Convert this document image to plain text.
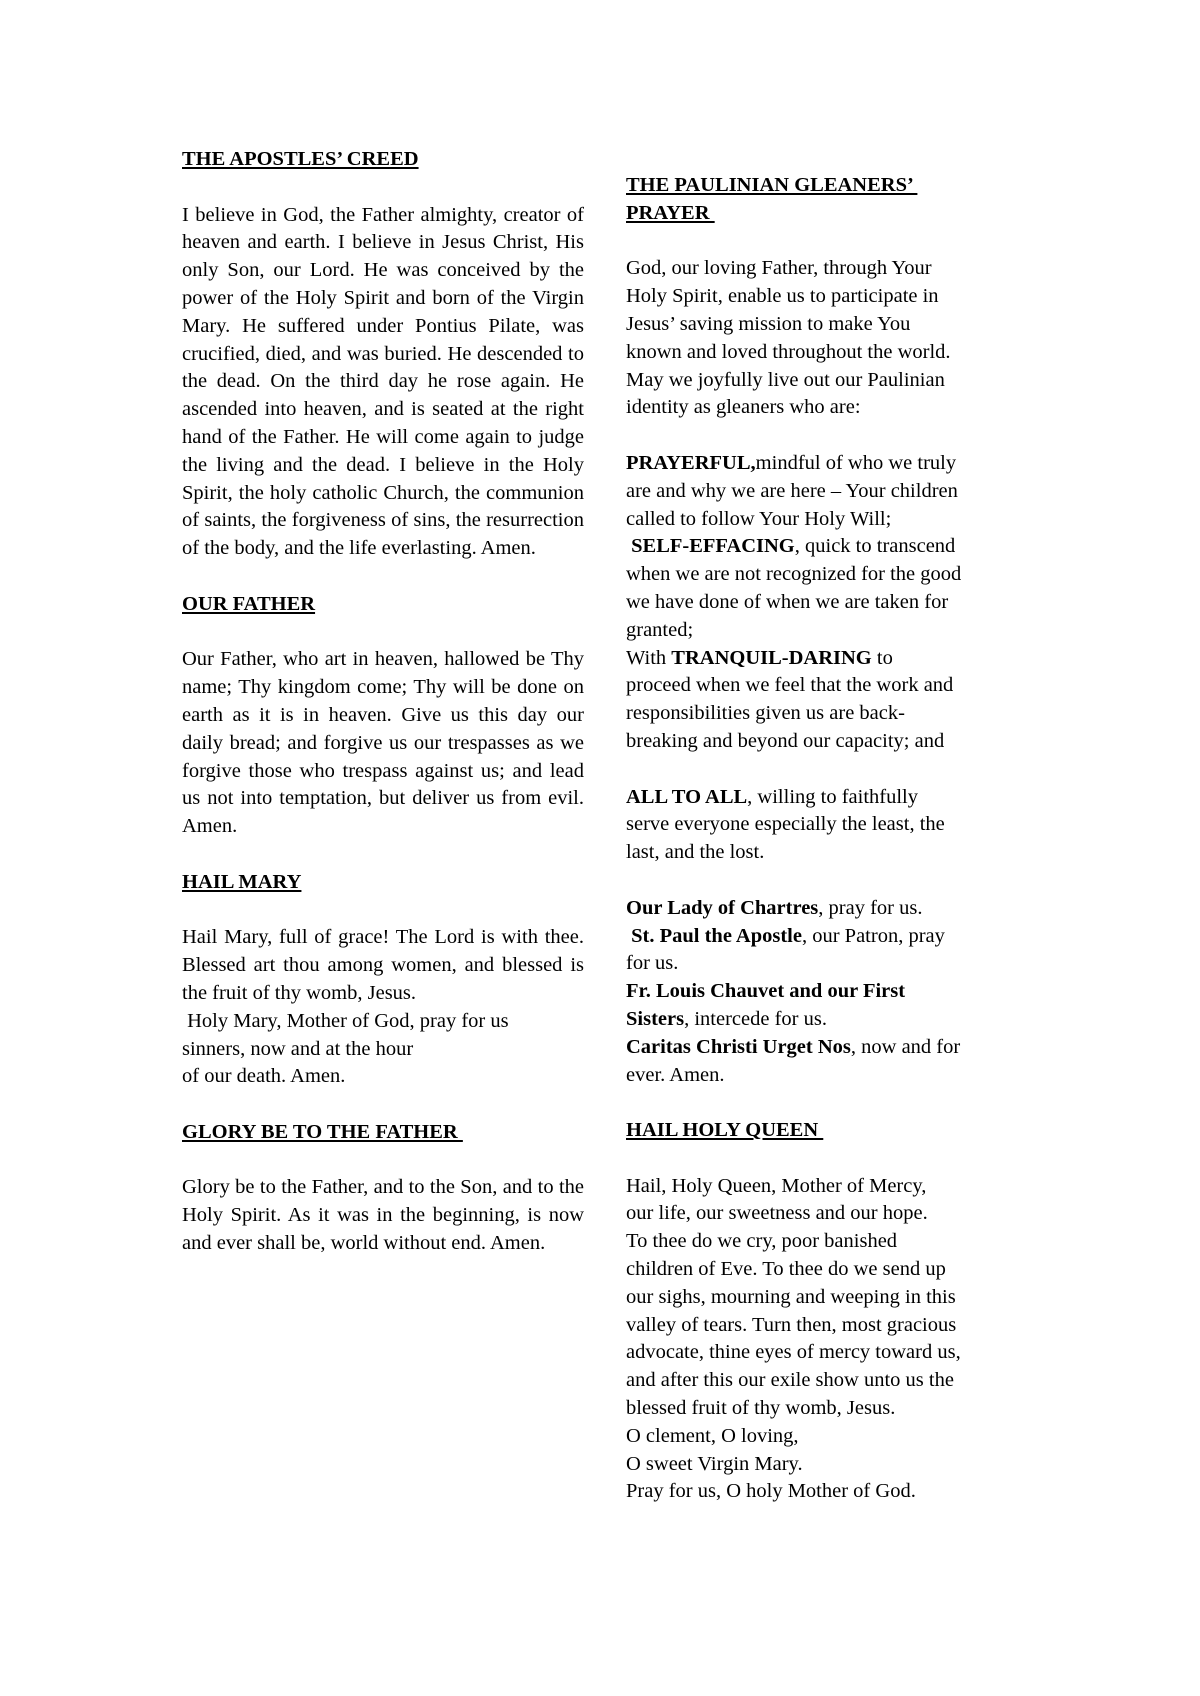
THE APOSTLES’ CREED
I believe in God, the Father almighty, creator of heaven and earth. I believe in Jesus Christ, His only Son, our Lord. He was conceived by the power of the Holy Spirit and born of the Virgin Mary. He suffered under Pontius Pilate, was crucified, died, and was buried. He descended to the dead. On the third day he rose again. He ascended into heaven, and is seated at the right hand of the Father. He will come again to judge the living and the dead. I believe in the Holy Spirit, the holy catholic Church, the communion of saints, the forgiveness of sins, the resurrection of the body, and the life everlasting. Amen.
OUR FATHER
Our Father, who art in heaven, hallowed be Thy name; Thy kingdom come; Thy will be done on earth as it is in heaven. Give us this day our daily bread; and forgive us our trespasses as we forgive those who trespass against us; and lead us not into temptation, but deliver us from evil. Amen.
HAIL MARY
Hail Mary, full of grace! The Lord is with thee. Blessed art thou among women, and blessed is the fruit of thy womb, Jesus.
Holy Mary, Mother of God, pray for us
sinners, now and at the hour
of our death. Amen.
GLORY BE TO THE FATHER
Glory be to the Father, and to the Son, and to the Holy Spirit. As it was in the beginning, is now and ever shall be, world without end. Amen.
THE PAULINIAN GLEANERS’
PRAYER
God, our loving Father, through Your
Holy Spirit, enable us to participate in
Jesus’ saving mission to make You
known and loved throughout the world.
May we joyfully live out our Paulinian
identity as gleaners who are:
PRAYERFUL,mindful of who we truly
are and why we are here – Your children
called to follow Your Holy Will;
SELF-EFFACING, quick to transcend
when we are not recognized for the good
we have done of when we are taken for
granted;
With TRANQUIL-DARING to
proceed when we feel that the work and
responsibilities given us are back-
breaking and beyond our capacity; and
ALL TO ALL, willing to faithfully
serve everyone especially the least, the
last, and the lost.
Our Lady of Chartres, pray for us.
St. Paul the Apostle, our Patron, pray
for us.
Fr. Louis Chauvet and our First
Sisters, intercede for us.
Caritas Christi Urget Nos, now and for
ever. Amen.
HAIL HOLY QUEEN
Hail, Holy Queen, Mother of Mercy,
our life, our sweetness and our hope.
To thee do we cry, poor banished
children of Eve. To thee do we send up
our sighs, mourning and weeping in this
valley of tears. Turn then, most gracious
advocate, thine eyes of mercy toward us,
and after this our exile show unto us the
blessed fruit of thy womb, Jesus.
O clement, O loving,
O sweet Virgin Mary.
Pray for us, O holy Mother of God.
